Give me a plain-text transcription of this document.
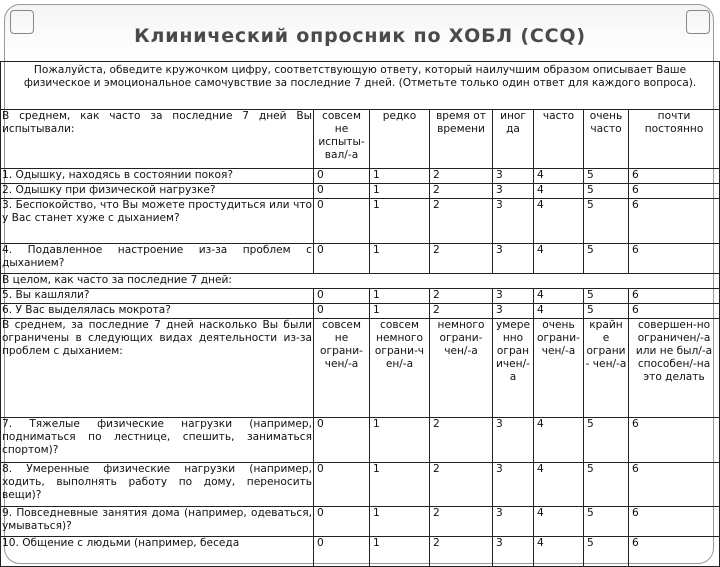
Клинический опросник по ХОБЛ (CCQ)
Пожалуйста, обведите кружочком цифру, соответствующую ответу, который наилучшим образом описывает Ваше физическое и эмоциональное самочувствие за последние 7 дней. (Отметьте только один ответ для каждого вопроса).							
В среднем, как часто за последние 7 дней Вы испытывали:	совсем не испыты-вал/-а	редко	время от времени	иног да	часто	очень часто	почти постоянно
1. Одышку, находясь в состоянии покоя?	0	1	2	3	4	5	6
2. Одышку при физической нагрузке?	0	1	2	3	4	5	6
3. Беспокойство, что Вы можете простудиться или что у Вас станет хуже с дыханием?	0	1	2	3	4	5	6
4. Подавленное настроение из-за проблем с дыханием?	0	1	2	3	4	5	6
В целом, как часто за последние 7 дней:							
5. Вы кашляли?	0	1	2	3	4	5	6
6. У Вас выделялась мокрота?	0	1	2	3	4	5	6
В среднем, за последние 7 дней насколько Вы были ограничены в следующих видах деятельности из-за проблем с дыханием:	совсем не ограни-чен/-а	совсем немного ограни-ч ен/-а	немного ограни-чен/-а	умере нно огран ичен/-а	очень ограни-чен/-а	крайн е ограни - чен/-а	совершен-но ограничен/-а или не был/-а способен/-на это делать
7. Тяжелые физические нагрузки (например, подниматься по лестнице, спешить, заниматься спортом)?	0	1	2	3	4	5	6
8. Умеренные физические нагрузки (например, ходить, выполнять работу по дому, переносить вещи)?	0	1	2	3	4	5	6
9. Повседневные занятия дома (например, одеваться, умываться)?	0	1	2	3	4	5	6
10. Общение с людьми (например, беседа	0	1	2	3	4	5	6
